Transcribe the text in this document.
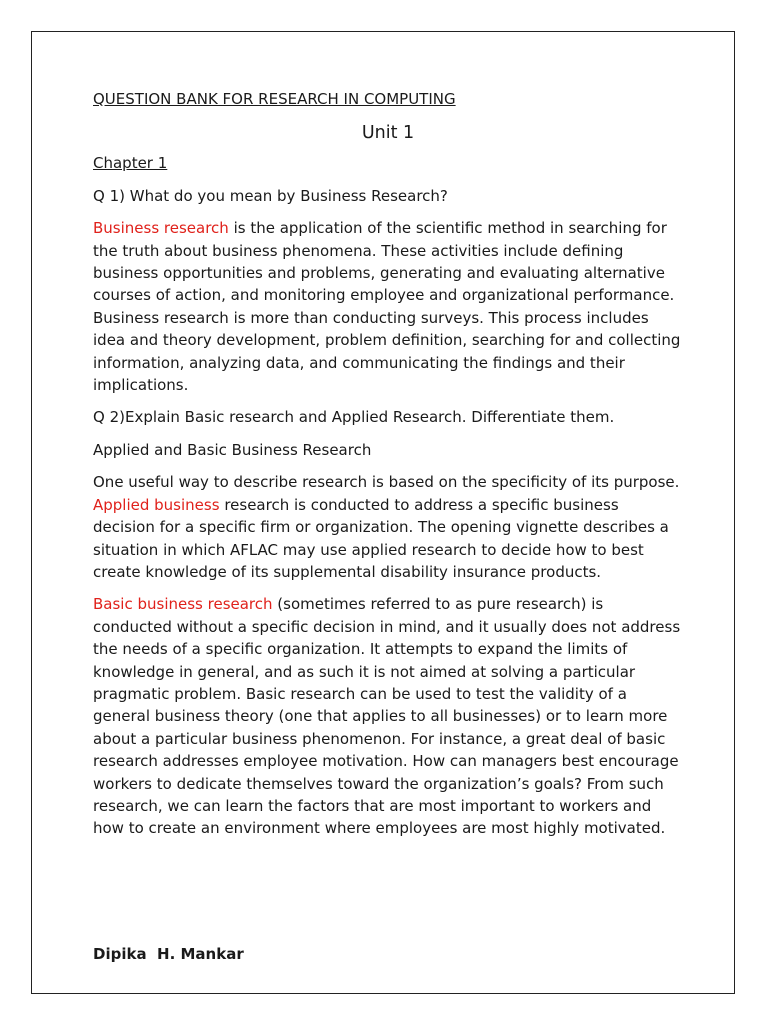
QUESTION BANK FOR RESEARCH IN COMPUTING

Unit 1

Chapter 1

Q 1) What do you mean by Business Research?

Business research is the application of the scientific method in searching for the truth about business phenomena. These activities include defining business opportunities and problems, generating and evaluating alternative courses of action, and monitoring employee and organizational performance. Business research is more than conducting surveys. This process includes idea and theory development, problem definition, searching for and collecting information, analyzing data, and communicating the findings and their implications.

Q 2)Explain Basic research and Applied Research. Differentiate them.

Applied and Basic Business Research

One useful way to describe research is based on the specificity of its purpose. Applied business research is conducted to address a specific business decision for a specific firm or organization. The opening vignette describes a situation in which AFLAC may use applied research to decide how to best create knowledge of its supplemental disability insurance products.

Basic business research (sometimes referred to as pure research) is conducted without a specific decision in mind, and it usually does not address the needs of a specific organization. It attempts to expand the limits of knowledge in general, and as such it is not aimed at solving a particular pragmatic problem. Basic research can be used to test the validity of a general business theory (one that applies to all businesses) or to learn more about a particular business phenomenon. For instance, a great deal of basic research addresses employee motivation. How can managers best encourage workers to dedicate themselves toward the organization’s goals? From such research, we can learn the factors that are most important to workers and how to create an environment where employees are most highly motivated.

Dipika  H. Mankar
